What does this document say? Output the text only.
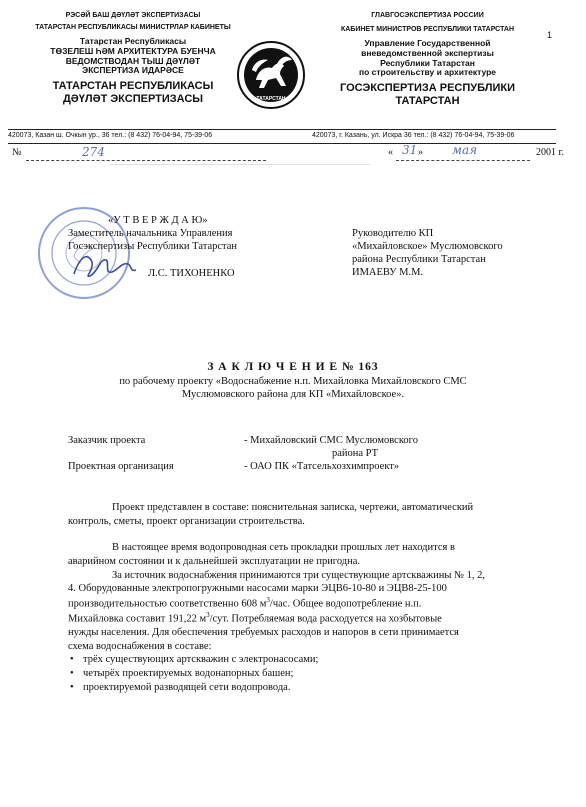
РЭСӘЙ БАШ ДӘҮЛӘТ ЭКСПЕРТИЗАСЫ
ТАТАРСТАН РЕСПУБЛИКАСЫ МИНИСТРЛАР КАБИНЕТЫ
Татарстан Республикасы
ТӨЗЕЛЕШ ҺӘМ АРХИТЕКТУРА БУЕНЧА
ВЕДОМСТВОДАН ТЫШ ДӘҮЛӘТ
ЭКСПЕРТИЗА ИДАРӘСЕ
ТАТАРСТАН РЕСПУБЛИКАСЫ
ДӘҮЛӘТ ЭКСПЕРТИЗАСЫ	ТАТАРСТАН
1
ГЛАВГОСЭКСПЕРТИЗА РОССИИ
КАБИНЕТ МИНИСТРОВ РЕСПУБЛИКИ ТАТАРСТАН
Управление Государственной
вневедомственной экспертизы
Республики Татарстан
по строительству и архитектуре
ГОСЭКСПЕРТИЗА РЕСПУБЛИКИ
ТАТАРСТАН
420073, Казан ш. Очкын ур., 36 тел.: (8 432) 76-04-94, 75-39-06	420073, г. Казань, ул. Искра 36 тел.: (8 432) 76-04-94, 75-39-06
№	274	« 31 » мая	2001 г.
«У Т В Е Р Ж Д А Ю»
Заместитель начальника Управления
Госэкспертизы Республики Татарстан
Л.С. ТИХОНЕНКО
Руководителю КП
«Михайловское» Муслюмовского
района Республики Татарстан
ИМАЕВУ М.М.
З А К Л Ю Ч Е Н И Е № 163
по рабочему проекту «Водоснабжение н.п. Михайловка Михайловского СМС
Муслюмовского района для КП «Михайловское».
Заказчик проекта	- Михайловский СМС Муслюмовского
района РТ
Проектная организация	- ОАО ПК «Татсельхозхимпроект»
Проект представлен в составе: пояснительная записка, чертежи, автоматический
контроль, сметы, проект организации строительства.
В настоящее время водопроводная сеть прокладки прошлых лет находится в
аварийном состоянии и к дальнейшей эксплуатации не пригодна.
За источник водоснабжения принимаются три существующие артскважины № 1, 2,
4. Оборудованные электропогружными насосами марки ЭЦВ6-10-80 и ЭЦВ8-25-100
производительностью соответственно 608 $м^3$/час. Общее водопотребление н.п.
Михайловка составит 191,22 $м^3$/сут. Потребляемая вода расходуется на хозбытовые
нужды населения. Для обеспечения требуемых расходов и напоров в сети принимается
схема водоснабжения в составе:
• трёх существующих артскважин с электронасосами;
• четырёх проектируемых водонапорных башен;
• проектируемой разводящей сети водопровода.
